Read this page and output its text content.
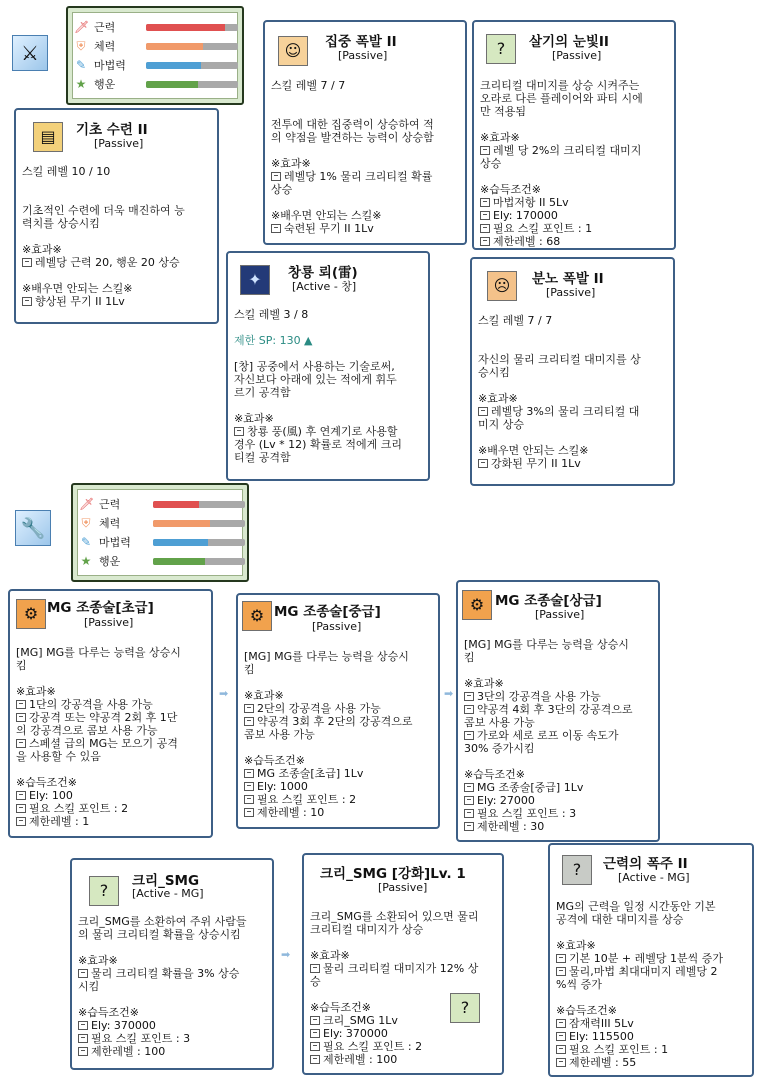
⚔
🔧
🗡 근력
⛨ 체력
✎ 마법력
★ 행운
🗡 근력
⛨ 체력
✎ 마법력
★ 행운
☺	집중 폭발 II
[Passive]
스킬 레벨 7 / 7
전투에 대한 집중력이 상승하여 적
의 약점을 발견하는 능력이 상승함
※효과※
레벨당 1% 물리 크리티컬 확률
상승
※배우면 안되는 스킬※
숙련된 무기 II 1Lv
?	살기의 눈빛II
[Passive]
크리티컬 대미지를 상승 시켜주는
오라로 다른 플레이어와 파티 시에
만 적용됨
※효과※
레벨 당 2%의 크리티컬 대미지
상승
※습득조건※
마법저항 II 5Lv
Ely: 170000
필요 스킬 포인트 : 1
제한레벨 : 68
▤	기초 수련 II
[Passive]
스킬 레벨 10 / 10
기초적인 수련에 더욱 매진하여 능
력치를 상승시킴
※효과※
레벨당 근력 20, 행운 20 상승
※배우면 안되는 스킬※
향상된 무기 II 1Lv
✦	창룡 뢰(雷)
[Active - 창]
스킬 레벨 3 / 8
제한 SP: 130 ▲
[창] 공중에서 사용하는 기술로써,
자신보다 아래에 있는 적에게 휘두
르기 공격함
※효과※
창룡 풍(風) 후 연계기로 사용할
경우 (Lv * 12) 확률로 적에게 크리
티컬 공격함
☹	분노 폭발 II
[Passive]
스킬 레벨 7 / 7
자신의 물리 크리티컬 대미지를 상
승시킴
※효과※
레벨당 3%의 물리 크리티컬 대
미지 상승
※배우면 안되는 스킬※
강화된 무기 II 1Lv
⚙ MG 조종술[초급]
[Passive]
[MG] MG를 다루는 능력을 상승시
킴
※효과※
1단의 강공격을 사용 가능
강공격 또는 약공격 2회 후 1단
의 강공격으로 콤보 사용 가능
스페셜 급의 MG는 모으기 공격
을 사용할 수 있음
※습득조건※
Ely: 100
필요 스킬 포인트 : 2
제한레벨 : 1
⚙ MG 조종술[중급]
[Passive]
[MG] MG를 다루는 능력을 상승시
킴
※효과※
2단의 강공격을 사용 가능
약공격 3회 후 2단의 강공격으로
콤보 사용 가능
※습득조건※
MG 조종술[초급] 1Lv
Ely: 1000
필요 스킬 포인트 : 2
제한레벨 : 10
⚙ MG 조종술[상급]
[Passive]
[MG] MG를 다루는 능력을 상승시
킴
※효과※
3단의 강공격을 사용 가능
약공격 4회 후 3단의 강공격으로
콤보 사용 가능
가로와 세로 로프 이동 속도가
30% 증가시킴
※습득조건※
MG 조종술[중급] 1Lv
Ely: 27000
필요 스킬 포인트 : 3
제한레벨 : 30
?	크리_SMG
[Active - MG]
크리_SMG를 소환하여 주위 사람들
의 물리 크리티컬 확률을 상승시킴
※효과※
물리 크리티컬 확률을 3% 상승
시킴
※습득조건※
Ely: 370000
필요 스킬 포인트 : 3
제한레벨 : 100
크리_SMG [강화]Lv. 1
[Passive]
?
크리_SMG를 소환되어 있으면 물리
크리티컬 대미지가 상승
※효과※
물리 크리티컬 대미지가 12% 상
승
※습득조건※
크리_SMG 1Lv
Ely: 370000
필요 스킬 포인트 : 2
제한레벨 : 100
?	근력의 폭주 II
[Active - MG]
MG의 근력을 일정 시간동안 기본
공격에 대한 대미지를 상승
※효과※
기본 10분 + 레벨당 1분씩 증가
물리,마법 최대대미지 레벨당 2
%씩 증가
※습득조건※
잠재력III 5Lv
Ely: 115500
필요 스킬 포인트 : 1
제한레벨 : 55
➡	➡
➡
